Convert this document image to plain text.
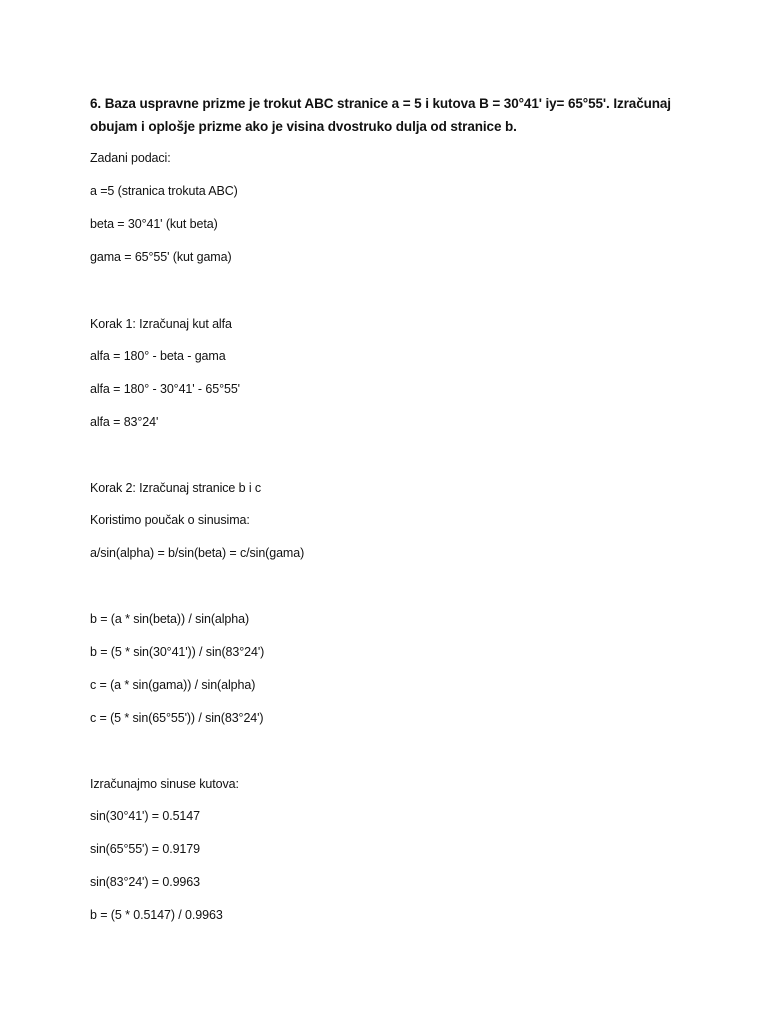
6. Baza uspravne prizme je trokut ABC stranice a = 5 i kutova B = 30°41' iy= 65°55'. Izračunaj obujam i oplošje prizme ako je visina dvostruko dulja od stranice b.
Zadani podaci:
a =5 (stranica trokuta ABC)
beta = 30°41' (kut beta)
gama = 65°55' (kut gama)
Korak 1: Izračunaj kut alfa
alfa = 180° - beta - gama
alfa = 180° - 30°41' - 65°55'
alfa = 83°24'
Korak 2: Izračunaj stranice b i c
Koristimo poučak o sinusima:
a/sin(alpha) = b/sin(beta) = c/sin(gama)
b = (a * sin(beta)) / sin(alpha)
b = (5 * sin(30°41')) / sin(83°24')
c = (a * sin(gama)) / sin(alpha)
c = (5 * sin(65°55')) / sin(83°24')
Izračunajmo sinuse kutova:
sin(30°41') = 0.5147
sin(65°55') = 0.9179
sin(83°24') = 0.9963
b = (5 * 0.5147) / 0.9963
